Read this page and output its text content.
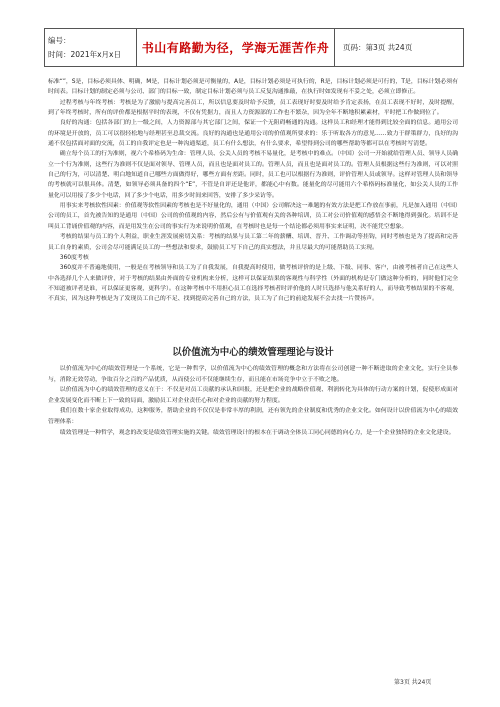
编号：
时间：2021年x月x日	书山有路勤为径，学海无涯苦作舟 页码：第3页 共24页

标准“”，S是，目标必须具体、明确，M是，目标计划必须是可衡量的，A是，目标计划必须是可执行的，R是，目标计划必须是可行的，T是，目标计划必须有时间表。目标计划的制定必须与公司、部门的目标一致，制定目标计划必须与员工反复沟通推敲，在执行时如发现有不妥之处，必须立即修正。

过程考核与年终考核：考核是为了激励与提高完善员工，所以信息要及时给予反馈，员工表现好时要及时给予肯定表扬，在员工表现不好时，及时提醒，到了年终考核时，所有的评价都是根据平时的表现，不仅有凭据力，而且人力资源部的工作也不繁杂，因为全年不断地积累素材，平时把工作做到位了。

良好的沟通：包括各部门的上一级之间，人力资源部与其它部门之间，保证一个无阻碍畅通的沟通。这样员工和经理才能得到比较全面的信息。通用公司的环境是开放的，员工可以很轻松地与经理甚至总裁交流。良好的沟通也是通用公司的价值观所要求的：乐于听取各方的意见……致力于群策群力，良好的沟通不仅包括面对面的交流，员工的自我评定也是一种沟通渠道，员工有什么想法，有什么要求，希望得到公司的哪些帮助等都可以在考核时写清楚。

确立每个员工的行为准则，视六个希格码为生命：管理人员、公关人员的考核不易量化，是考核中的难点。（中国）公司一开始就给管理人员、领导人员确立一个行为准则，这些行为准则不仅是面对领导、管理人员，而且也是面对员工的。管理人员，而且也是面对员工的。管理人员根据这些行为准则，可以对照自己的行为，可以清楚、明白地知道自己哪些方面做得好，哪些方面有差距。同时，员工也可以根据行为准则，评价管理人员或领导。这样对管理人员和领导的考核就可以很具体。清楚，如领导必须具备的四个“E”，不管是自评还是他评，都能心中有数。能量化的尽可能用六个希格码标准量化，如公关人员的工作量化可以用接了多少个电话，回了多少个电话，用多少时间来回答，安排了多少采访等。

用事实来考核软性因素：价值观等软性因素的考核也是不好量化的，通用（中国）公司解决这一难题的有效方法是把工作放在事前，凡是加入通用（中国）公司的员工，首先被告知的是通用（中国）公司的价值观的内容，然后公有与价值观有关的各种培训，员工对公司价值观的感悟会不断地得到强化。培训不是叫员工背诵价值观的内容，而是用发生在公司的事实行为来说明价值观，在考核时也是每一个结论都必须用事实来证明，决不能凭空想象。

考核的结果与员工的个人利益，职业生涯发展密切关系：考核的结果与员工第二年的薪酬、培训、晋升、工作调动等挂钩，同时考核也是为了提高和完善员工自身的素质，公司会尽可能满足员工的一些想法和要求，鼓励员工写下自己的真实想法，并且尽最大的可能帮助员工实现。

360度考核

360度并不普遍地使用，一般是在考核领导和员工为了自我发展，自我提高时使用，做考核评价的是上级、下级、同事、客户，由被考核者自己在这些人中各选择几个人来做评价，对于考核的结果由外面的专业机构来分析，这样可以保证结果的客观性与科学性（外面的机构是专门做这种分析的，同时他们完全不知道被评者是谁，可以保证更客观，更科学）。在这种考核中不用担心员工在选择考核者时评价他的人时只选择与他关系好的人，而导致考核结果的不客观，不真实，因为这种考核是为了发现员工自己的不足、找到提高完善自己的方法，员工为了自己的前途发展不会去找一片赞扬声。

以价值流为中心的绩效管理理论与设计

以价值流为中心的绩效管理是一个系统，它是一种哲学，以价值流为中心的绩效管理的概念和方法将在公司创建一种不断进取的企业文化，实行全员参与，消除无效劳动，争取百分之百的产品优质，从而使公司不仅能继续生存，而且能在市场竞争中立于不败之地。

以价值流为中心的绩效管理的意义在于：不仅是对员工贡献的承认和回报，还是把企业的战略价值观、利润转化为具体的行动方案的计划，促使形成面对企业发展变化而不断上下一致的局面，激励员工对企业责任心和对企业的贡献的努力程度。

我们在数十家企业取得成功，这种服务，帮助企业的不仅仅是非常丰厚的利润，还有领先的企业制度和优秀的企业文化。如何设计以价值流为中心的绩效管理体系：

绩效管理是一种哲学，观念的改变是绩效管理实施的关键。绩效管理设计的根本在于调动全体员工同心同德的向心力，是一个企业独特的企业文化建设。

第3页 共24页
